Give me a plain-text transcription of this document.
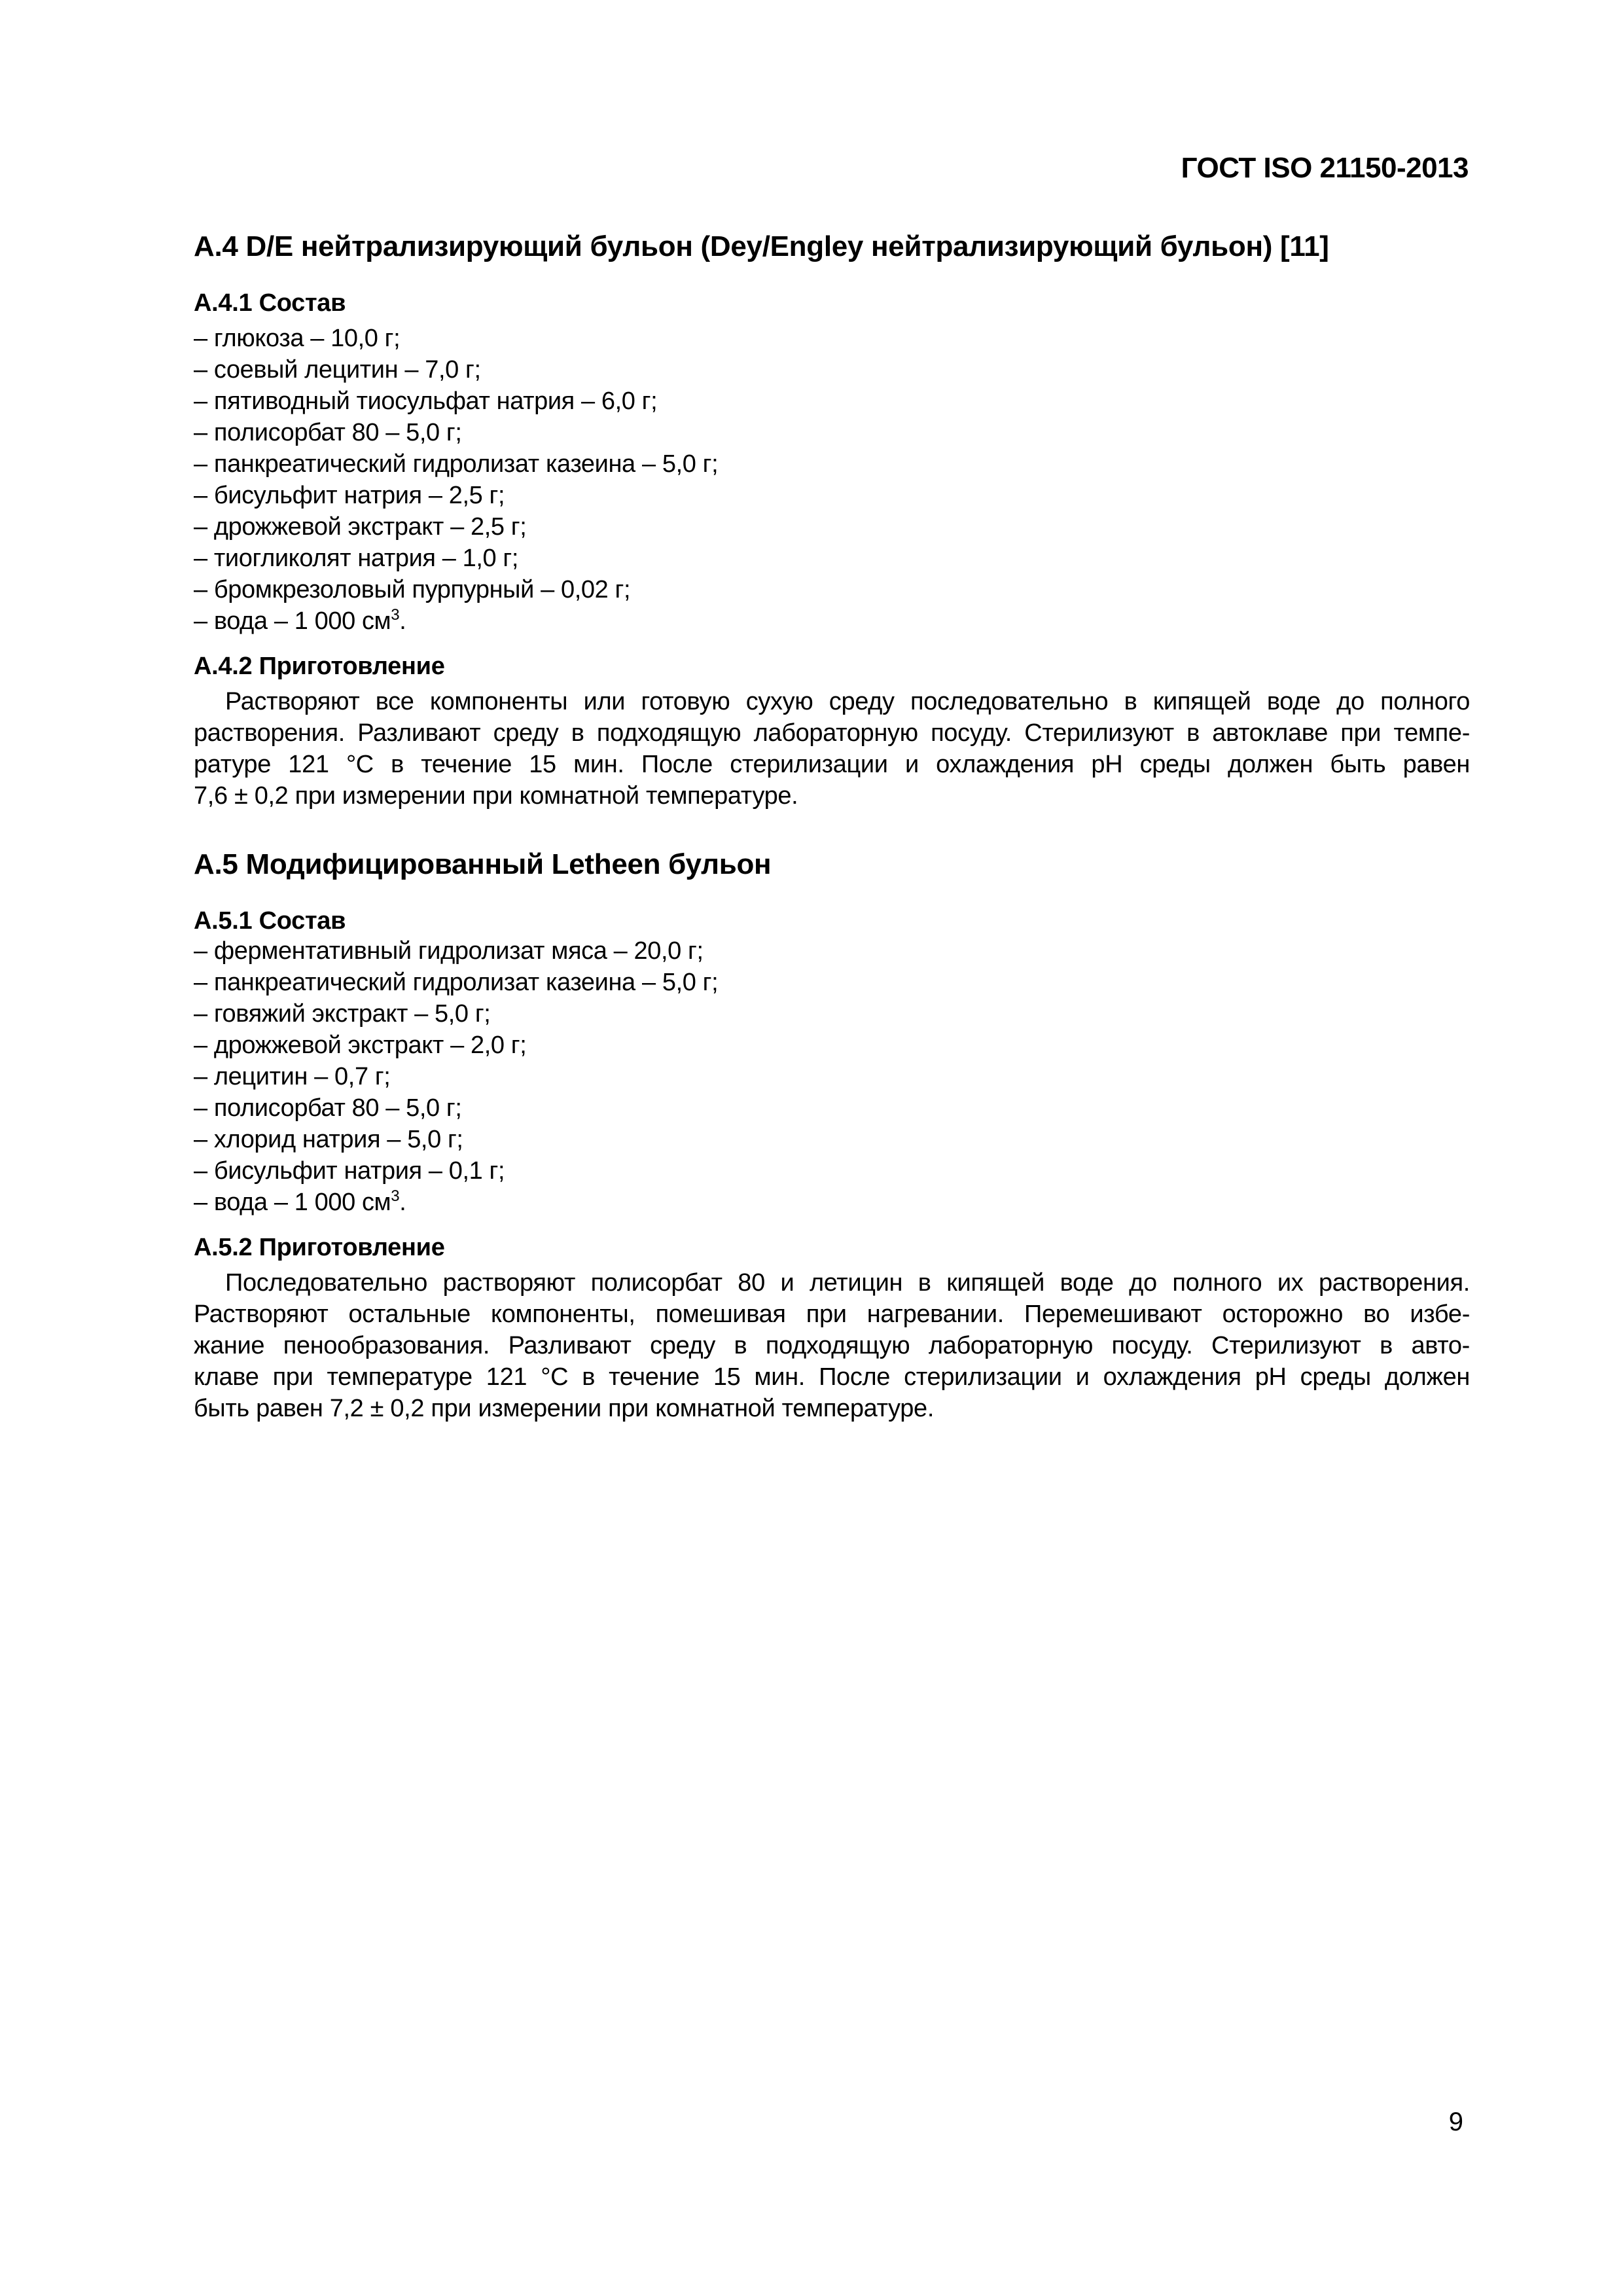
ГОСТ ISO 21150-2013
A.4 D/E нейтрализирующий бульон (Dey/Engley нейтрализирующий бульон) [11]
A.4.1 Состав
– глюкоза – 10,0 г;
– соевый лецитин – 7,0 г;
– пятиводный тиосульфат натрия – 6,0 г;
– полисорбат 80 – 5,0 г;
– панкреатический гидролизат казеина – 5,0 г;
– бисульфит натрия – 2,5 г;
– дрожжевой экстракт – 2,5 г;
– тиогликолят натрия – 1,0 г;
– бромкрезоловый пурпурный – 0,02 г;
– вода – 1 000 $см^3$.
A.4.2 Приготовление
Растворяют все компоненты или готовую сухую среду последовательно в кипящей воде до полного
растворения. Разливают среду в подходящую лабораторную посуду. Стерилизуют в автоклаве при темпе-
ратуре 121 °C в течение 15 мин. После стерилизации и охлаждения pH среды должен быть равен
7,6 ± 0,2 при измерении при комнатной температуре.
A.5 Модифицированный Letheen бульон
A.5.1 Состав
– ферментативный гидролизат мяса – 20,0 г;
– панкреатический гидролизат казеина – 5,0 г;
– говяжий экстракт – 5,0 г;
– дрожжевой экстракт – 2,0 г;
– лецитин – 0,7 г;
– полисорбат 80 – 5,0 г;
– хлорид натрия – 5,0 г;
– бисульфит натрия – 0,1 г;
– вода – 1 000 $см^3$.
A.5.2 Приготовление
Последовательно растворяют полисорбат 80 и летицин в кипящей воде до полного их растворения.
Растворяют остальные компоненты, помешивая при нагревании. Перемешивают осторожно во избе-
жание пенообразования. Разливают среду в подходящую лабораторную посуду. Стерилизуют в авто-
клаве при температуре 121 °C в течение 15 мин. После стерилизации и охлаждения pH среды должен
быть равен 7,2 ± 0,2 при измерении при комнатной температуре.
9
